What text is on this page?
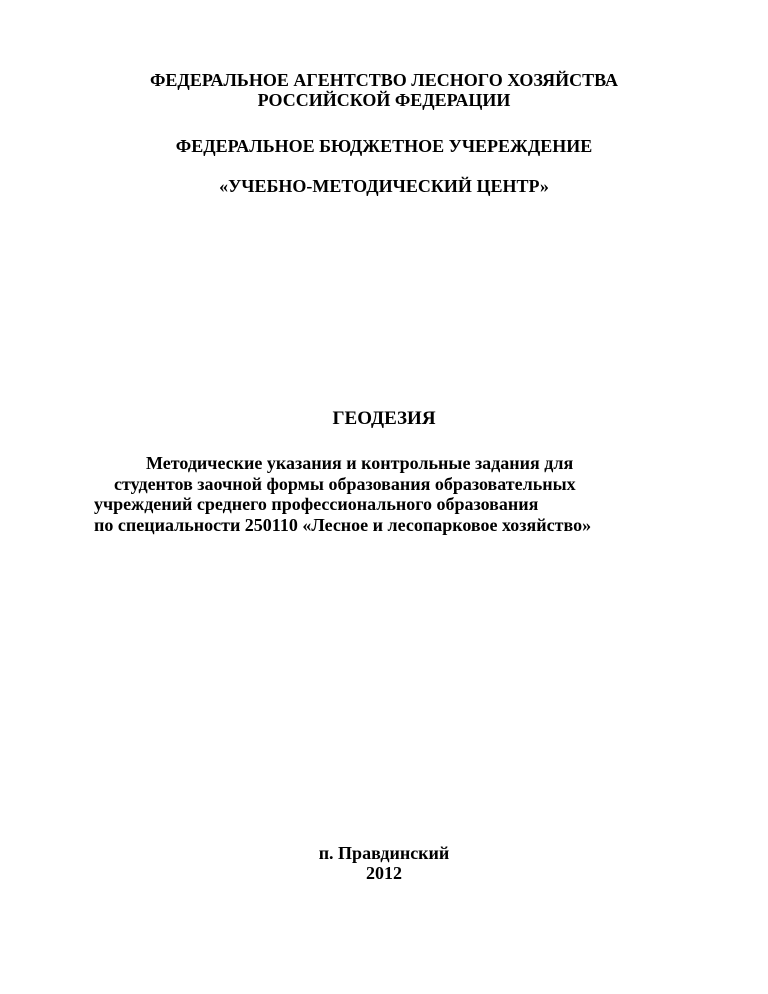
ФЕДЕРАЛЬНОЕ АГЕНТСТВО ЛЕСНОГО ХОЗЯЙСТВА
РОССИЙСКОЙ ФЕДЕРАЦИИ
ФЕДЕРАЛЬНОЕ БЮДЖЕТНОЕ УЧЕРЕЖДЕНИЕ
«УЧЕБНО-МЕТОДИЧЕСКИЙ ЦЕНТР»
ГЕОДЕЗИЯ
Методические указания и контрольные задания для
студентов заочной формы образования образовательных
учреждений среднего профессионального образования
по специальности 250110 «Лесное и лесопарковое хозяйство»
п. Правдинский
2012
